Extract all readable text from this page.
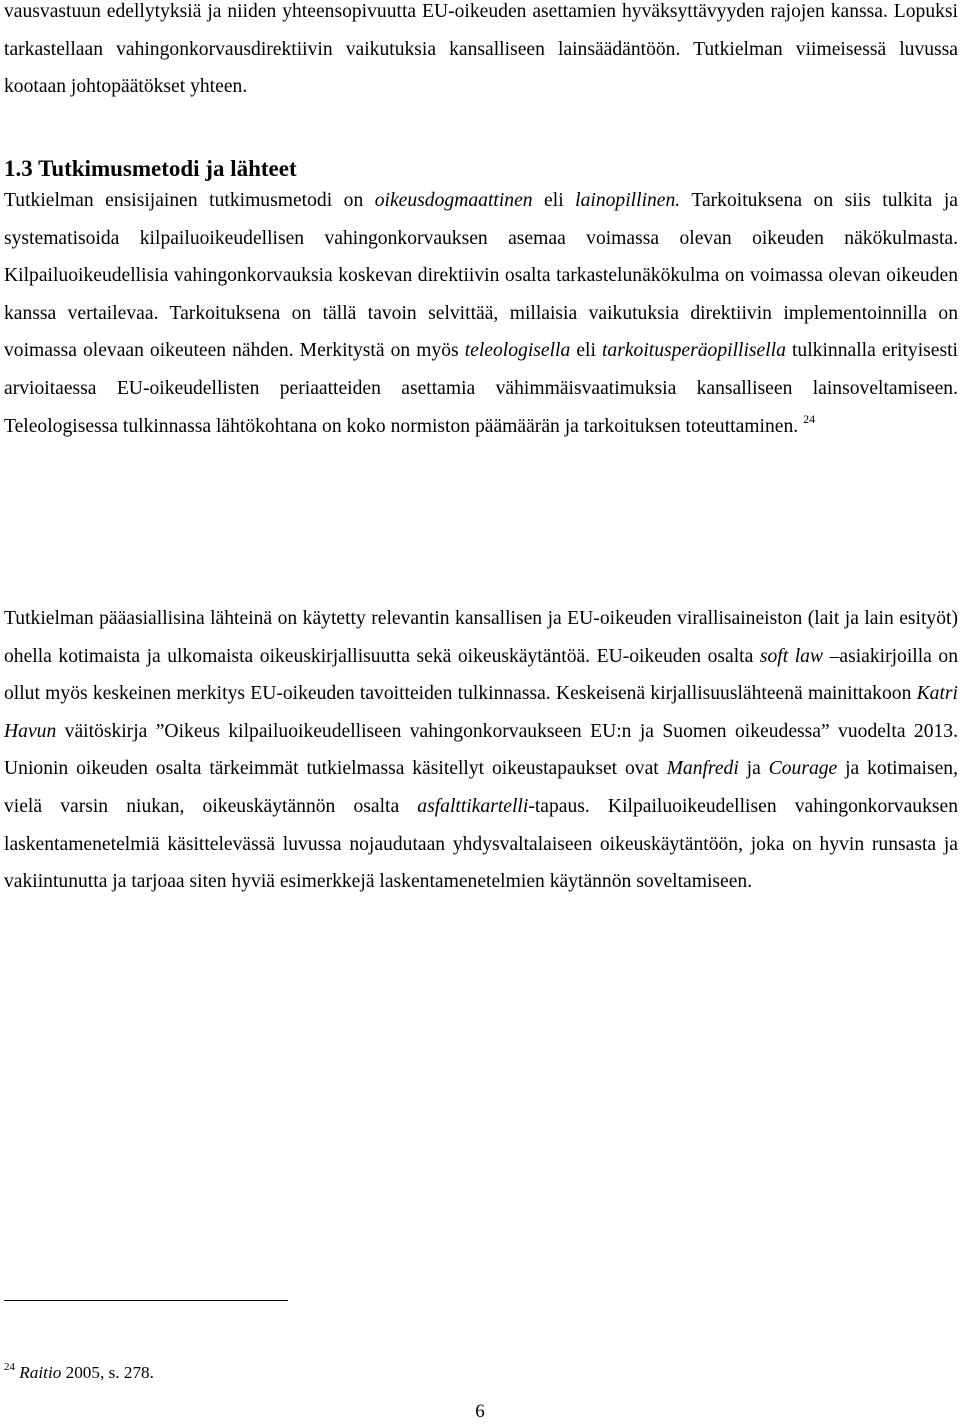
vausvastuun edellytyksiä ja niiden yhteensopivuutta EU-oikeuden asettamien hyväksyttävyyden rajojen kanssa. Lopuksi tarkastellaan vahingonkorvausdirektiivin vaikutuksia kansalliseen lainsäädäntöön. Tutkielman viimeisessä luvussa kootaan johtopäätökset yhteen.

1.3 Tutkimusmetodi ja lähteet

Tutkielman ensisijainen tutkimusmetodi on oikeusdogmaattinen eli lainopillinen. Tarkoituksena on siis tulkita ja systematisoida kilpailuoikeudellisen vahingonkorvauksen asemaa voimassa olevan oikeuden näkökulmasta. Kilpailuoikeudellisia vahingonkorvauksia koskevan direktiivin osalta tarkastelunäkökulma on voimassa olevan oikeuden kanssa vertailevaa. Tarkoituksena on tällä tavoin selvittää, millaisia vaikutuksia direktiivin implementoinnilla on voimassa olevaan oikeuteen nähden. Merkitystä on myös teleologisella eli tarkoitusperäopillisella tulkinnalla erityisesti arvioitaessa EU-oikeudellisten periaatteiden asettamia vähimmäisvaatimuksia kansalliseen lainsoveltamiseen. Teleologisessa tulkinnassa lähtökohtana on koko normiston päämäärän ja tarkoituksen toteuttaminen. $^{24}$

Tutkielman pääasiallisina lähteinä on käytetty relevantin kansallisen ja EU-oikeuden virallisainеiston (lait ja lain esityöt) ohella kotimaista ja ulkomaista oikeuskirjallisuutta sekä oikeuskäytäntöä. EU-oikeuden osalta soft law –asiakirjoilla on ollut myös keskeinen merkitys EU-oikeuden tavoitteiden tulkinnassa. Keskeisenä kirjallisuuslähteenä mainittakoon Katri Havun väitöskirja ”Oikeus kilpailuoikeudelliseen vahingonkorvaukseen EU:n ja Suomen oikeudessa” vuodelta 2013. Unionin oikeuden osalta tärkeimmät tutkielmassa käsitellyt oikeustapaukset ovat Manfredi ja Courage ja kotimaisen, vielä varsin niukan, oikeuskäytännön osalta asfalttikartelli-tapaus. Kilpailuoikeudellisen vahingonkorvauksen laskentamenetelmiä käsittelevässä luvussa nojaudutaan yhdysvaltalaiseen oikeuskäytäntöön, joka on hyvin runsasta ja vakiintunutta ja tarjoaa siten hyviä esimerkkejä laskentamenetelmien käytännön soveltamiseen.

$^{24}$ Raitio 2005, s. 278.

6
